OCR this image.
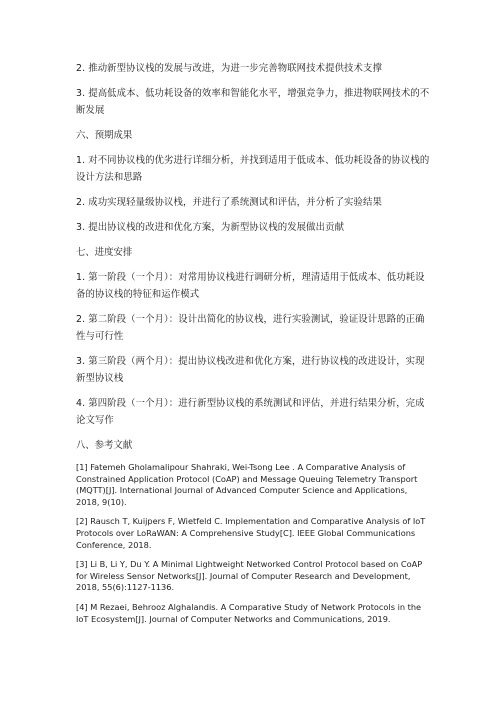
2. 推动新型协议栈的发展与改进，为进一步完善物联网技术提供技术支撑

3. 提高低成本、低功耗设备的效率和智能化水平，增强竞争力，推进物联网技术的不断发展

六、预期成果

1. 对不同协议栈的优劣进行详细分析，并找到适用于低成本、低功耗设备的协议栈的设计方法和思路

2. 成功实现轻量级协议栈，并进行了系统测试和评估，并分析了实验结果

3. 提出协议栈的改进和优化方案，为新型协议栈的发展做出贡献

七、进度安排

1. 第一阶段（一个月）：对常用协议栈进行调研分析，理清适用于低成本、低功耗设备的协议栈的特征和运作模式

2. 第二阶段（一个月）：设计出简化的协议栈，进行实验测试，验证设计思路的正确性与可行性

3. 第三阶段（两个月）：提出协议栈改进和优化方案，进行协议栈的改进设计，实现新型协议栈

4. 第四阶段（一个月）：进行新型协议栈的系统测试和评估，并进行结果分析，完成论文写作

八、参考文献

[1] Fatemeh Gholamalipour Shahraki, Wei-Tsong Lee . A Comparative Analysis of Constrained Application Protocol (CoAP) and Message Queuing Telemetry Transport (MQTT)[J]. International Journal of Advanced Computer Science and Applications, 2018, 9(10).

[2] Rausch T, Kuijpers F, Wietfeld C. Implementation and Comparative Analysis of IoT Protocols over LoRaWAN: A Comprehensive Study[C]. IEEE Global Communications Conference, 2018.

[3] Li B, Li Y, Du Y. A Minimal Lightweight Networked Control Protocol based on CoAP for Wireless Sensor Networks[J]. Journal of Computer Research and Development, 2018, 55(6):1127-1136.

[4] M Rezaei, Behrooz Alghalandis. A Comparative Study of Network Protocols in the IoT Ecosystem[J]. Journal of Computer Networks and Communications, 2019.
